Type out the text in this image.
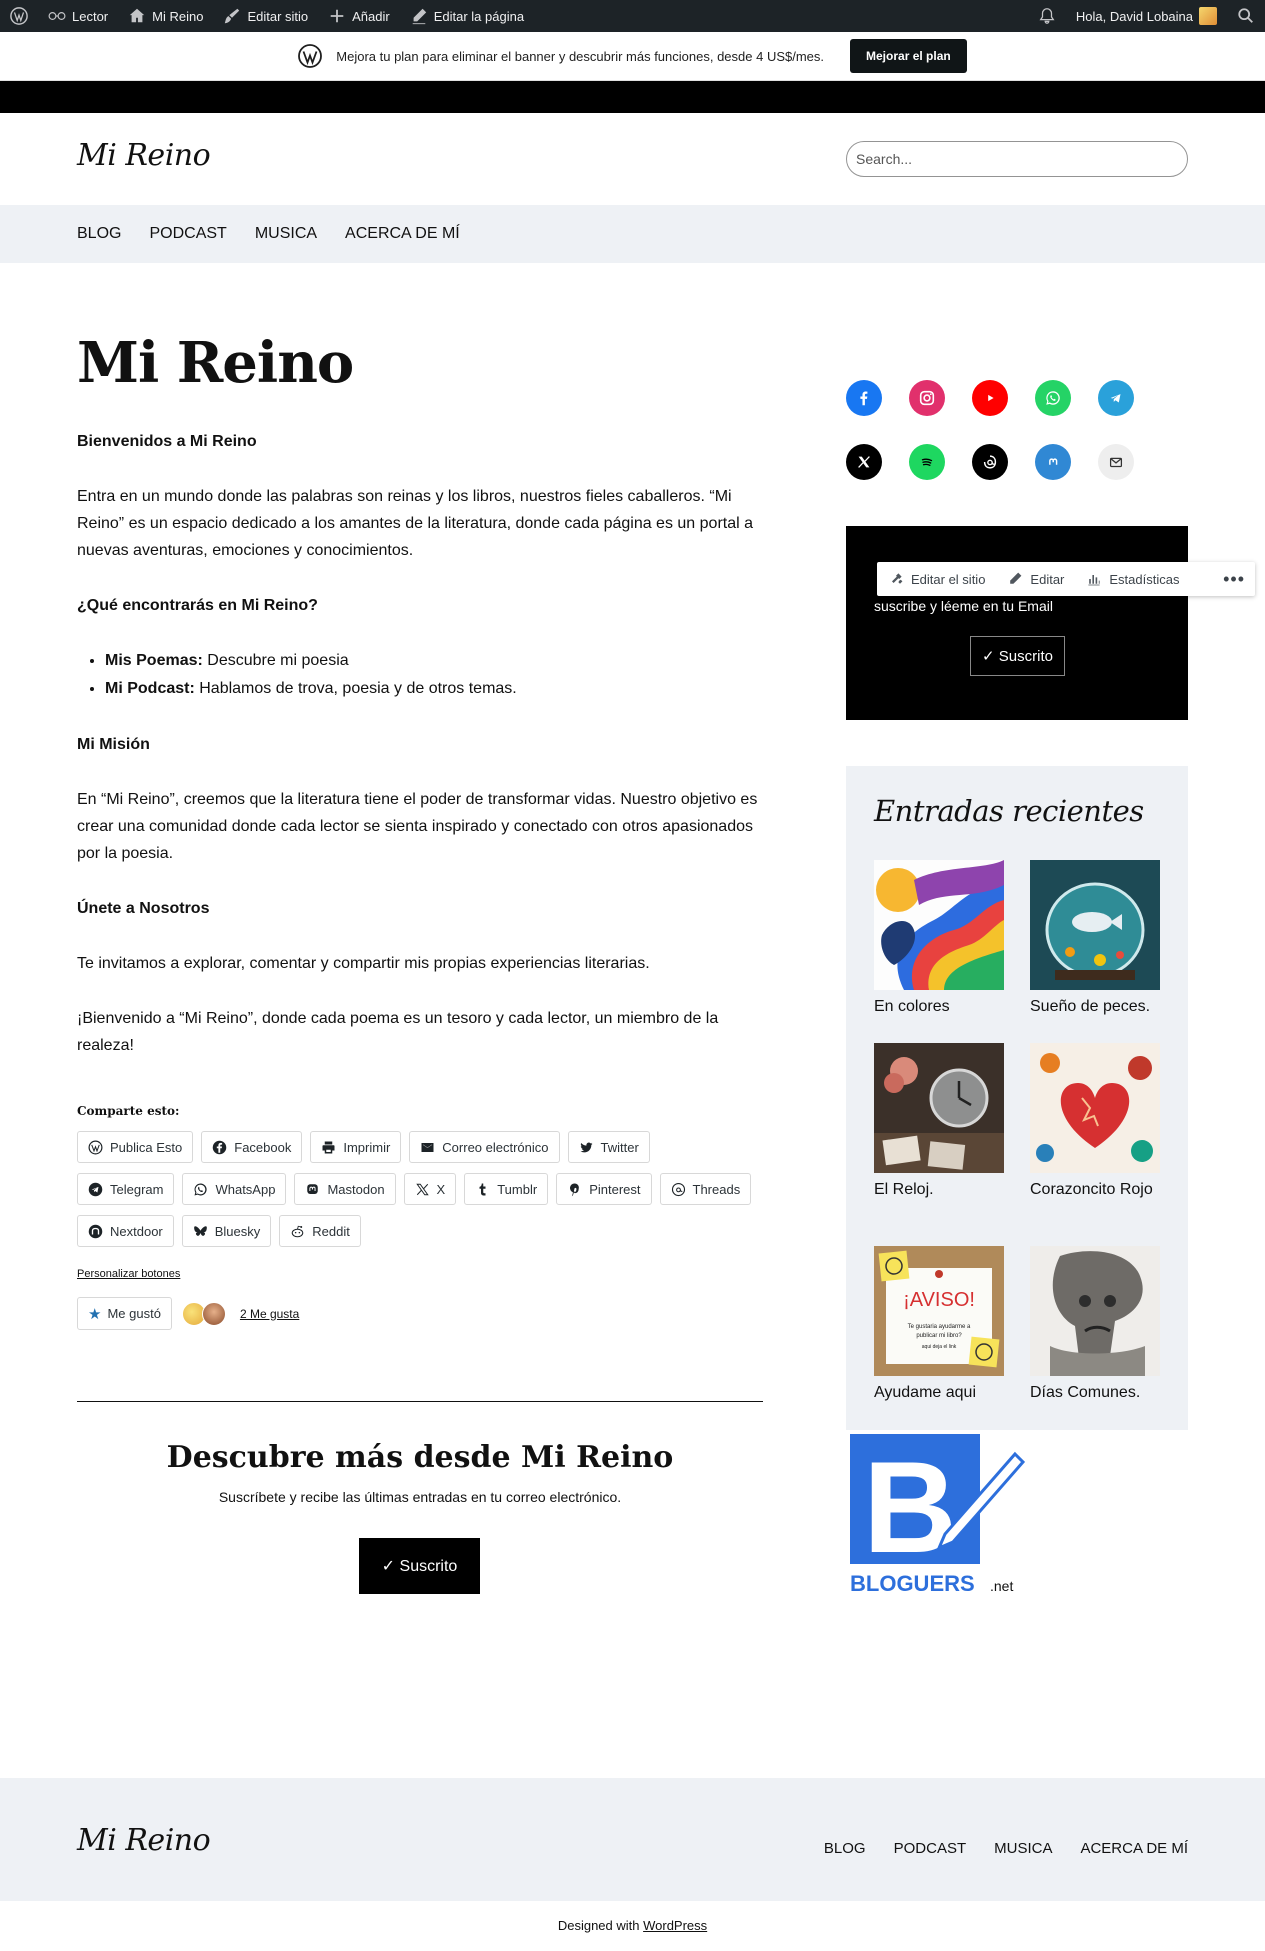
Lector	Mi Reino	Editar sitio	Añadir	Editar la página	Hola, David Lobaina
Mejora tu plan para eliminar el banner y descubrir más funciones, desde 4 US$/mes.	Mejorar el plan
Mi Reino	Search...
BLOG PODCAST MUSICA ACERCA DE MÍ
Mi Reino

Bienvenidos a Mi Reino

Entra en un mundo donde las palabras son reinas y los libros, nuestros fieles caballeros. “Mi Reino” es un espacio dedicado a los amantes de la literatura, donde cada página es un portal a nuevas aventuras, emociones y conocimientos.

¿Qué encontrarás en Mi Reino?

• Mis Poemas: Descubre mi poesia
• Mi Podcast: Hablamos de trova, poesia y de otros temas.

Mi Misión

En “Mi Reino”, creemos que la literatura tiene el poder de transformar vidas. Nuestro objetivo es crear una comunidad donde cada lector se sienta inspirado y conectado con otros apasionados por la poesia.

Únete a Nosotros

Te invitamos a explorar, comentar y compartir mis propias experiencias literarias.

¡Bienvenido a “Mi Reino”, donde cada poema es un tesoro y cada lector, un miembro de la realeza!

Comparte esto:
Publica Esto	Facebook	Imprimir	Correo electrónico	Twitter
Telegram	WhatsApp	Mastodon	X	Tumblr	Pinterest	Threads
Nextdoor	Bluesky	Reddit
Personalizar botones
★ Me gustó	2 Me gusta
Descubre más desde Mi Reino
Suscríbete y recibe las últimas entradas en tu correo electrónico.
✓ Suscrito
suscribe y léeme en tu Email
✓ Suscrito
Editar el sitio	Editar	Estadísticas	•••
Entradas recientes
En colores	Sueño de peces.
El Reloj.	Corazoncito Rojo
¡AVISO!
Te gustaria ayudarme a
publicar mi libro?
aqui deja el link
Ayudame aqui	Días Comunes.
B
BLOGUERS .net
Mi Reino	BLOG PODCAST MUSICA ACERCA DE MÍ
Designed with WordPress
